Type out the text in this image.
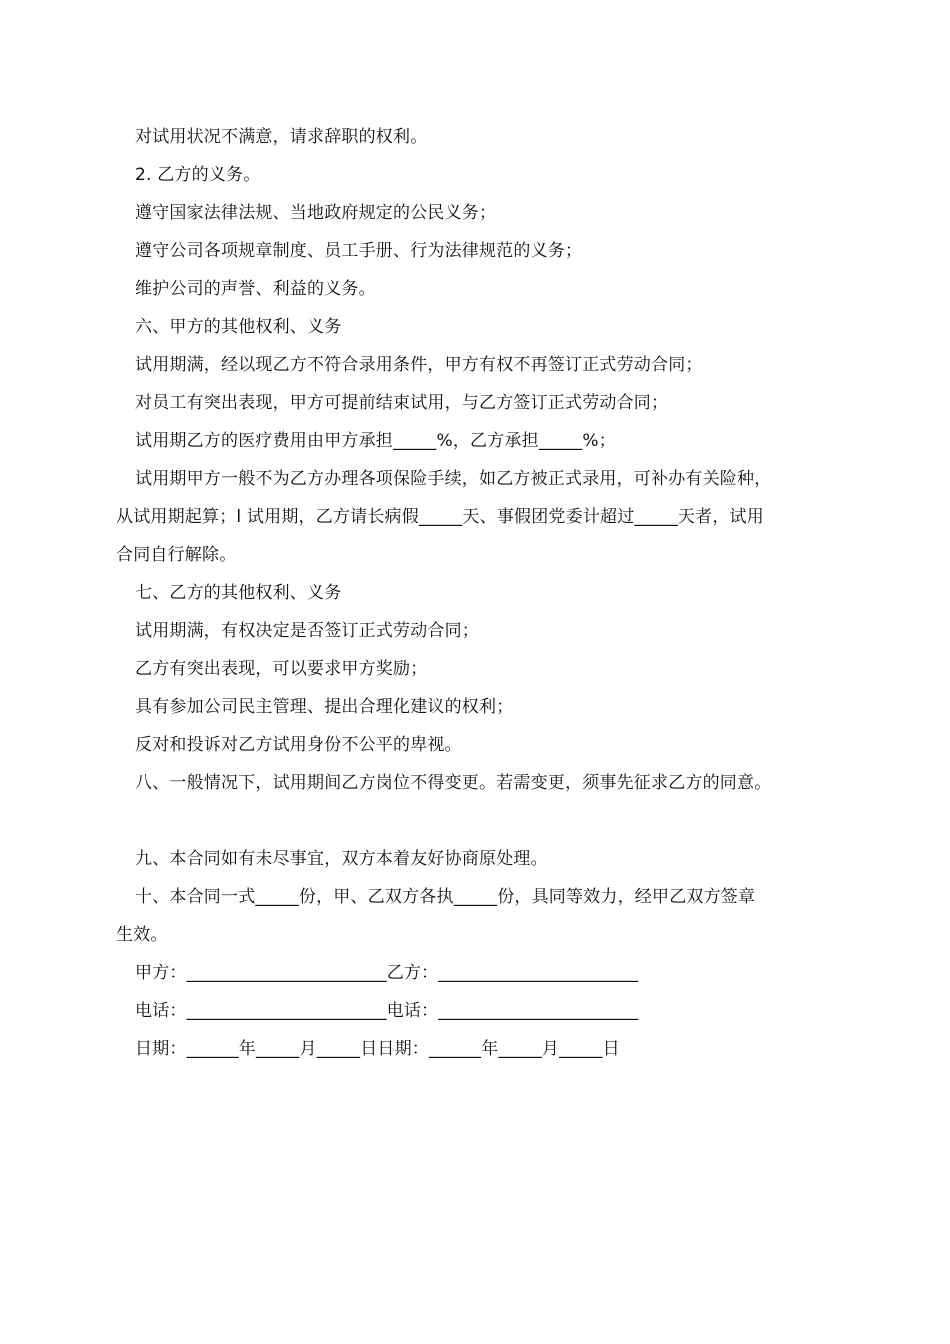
对试用状况不满意，请求辞职的权利。
2. 乙方的义务。
遵守国家法律法规、当地政府规定的公民义务；
遵守公司各项规章制度、员工手册、行为法律规范的义务；
维护公司的声誉、利益的义务。
六、甲方的其他权利、义务
试用期满，经以现乙方不符合录用条件，甲方有权不再签订正式劳动合同；
对员工有突出表现，甲方可提前结束试用，与乙方签订正式劳动合同；
试用期乙方的医疗费用由甲方承担_____%，乙方承担_____%；
试用期甲方一般不为乙方办理各项保险手续，如乙方被正式录用，可补办有关险种，
从试用期起算；l 试用期，乙方请长病假_____天、事假团党委计超过_____天者，试用
合同自行解除。
七、乙方的其他权利、义务
试用期满，有权决定是否签订正式劳动合同；
乙方有突出表现，可以要求甲方奖励；
具有参加公司民主管理、提出合理化建议的权利；
反对和投诉对乙方试用身份不公平的卑视。
八、一般情况下，试用期间乙方岗位不得变更。若需变更，须事先征求乙方的同意。
九、本合同如有未尽事宜，双方本着友好协商原处理。
十、本合同一式_____份，甲、乙双方各执_____份，具同等效力，经甲乙双方签章
生效。
甲方：_______________________乙方：_______________________
电话：_______________________电话：_______________________
日期：______年_____月_____日日期：______年_____月_____日
